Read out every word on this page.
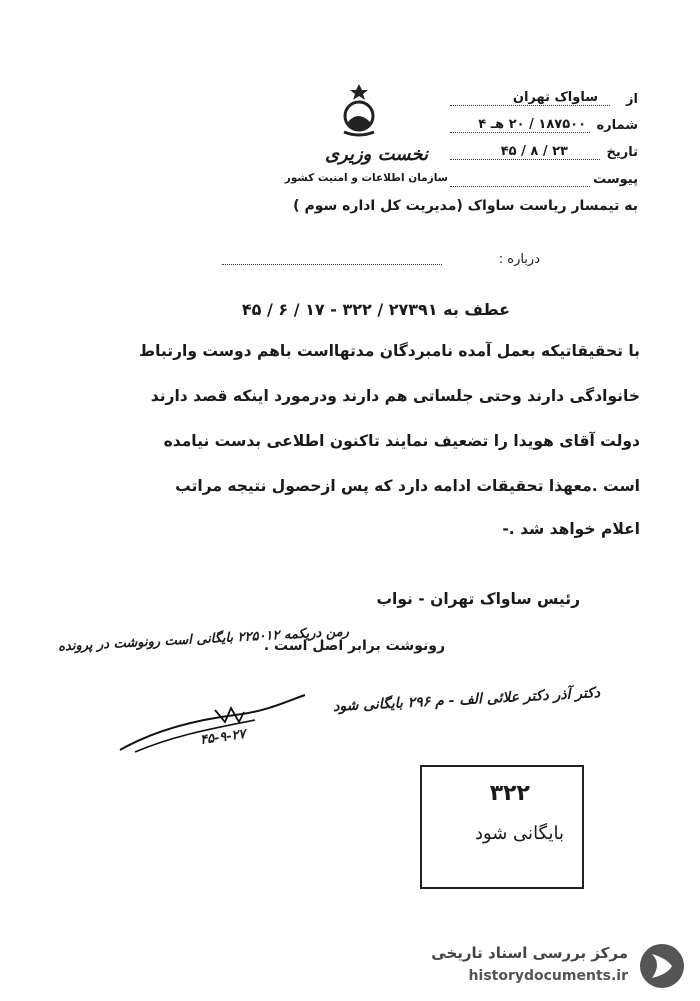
نخست وزیری
سازمان اطلاعات و امنیت کشور
از
ساواک تهران
شماره
۱۸۷۵۰۰ / ۲۰ هـ ۴
تاریخ
۴۵ / ۸ / ۲۳
پیوست
به تیمسار ریاست ساواک (مدیریت کل اداره سوم )
درباره :
عطف به ۲۷۳۹۱ / ۳۲۲ - ۱۷ / ۶ / ۴۵
با تحقیقاتیکه بعمل آمده نامبردگان مدتهااست باهم دوست وارتباط
خانوادگی دارند وحتی جلساتی هم دارند ودرمورد اینکه قصد دارند
دولت آقای هویدا را تضعیف نمایند تاکنون اطلاعی بدست نیامده
است .معهذا تحقیقات ادامه دارد که پس ازحصول نتیجه مراتب
اعلام خواهد شد .-
رئیس ساواک تهران - نواب
رونوشت برابر اصل است .
رمن دریکمه ۲۲۵۰۱۲ بایگانی است رونوشت در پرونده
دکتر آذر دکتر علائی الف - م ۲۹۶ بایگانی شود
۴۵-۹-۲۷
۳۲۲
بایگانی شود
مرکز بررسی اسناد تاریخی
historydocuments.ir
